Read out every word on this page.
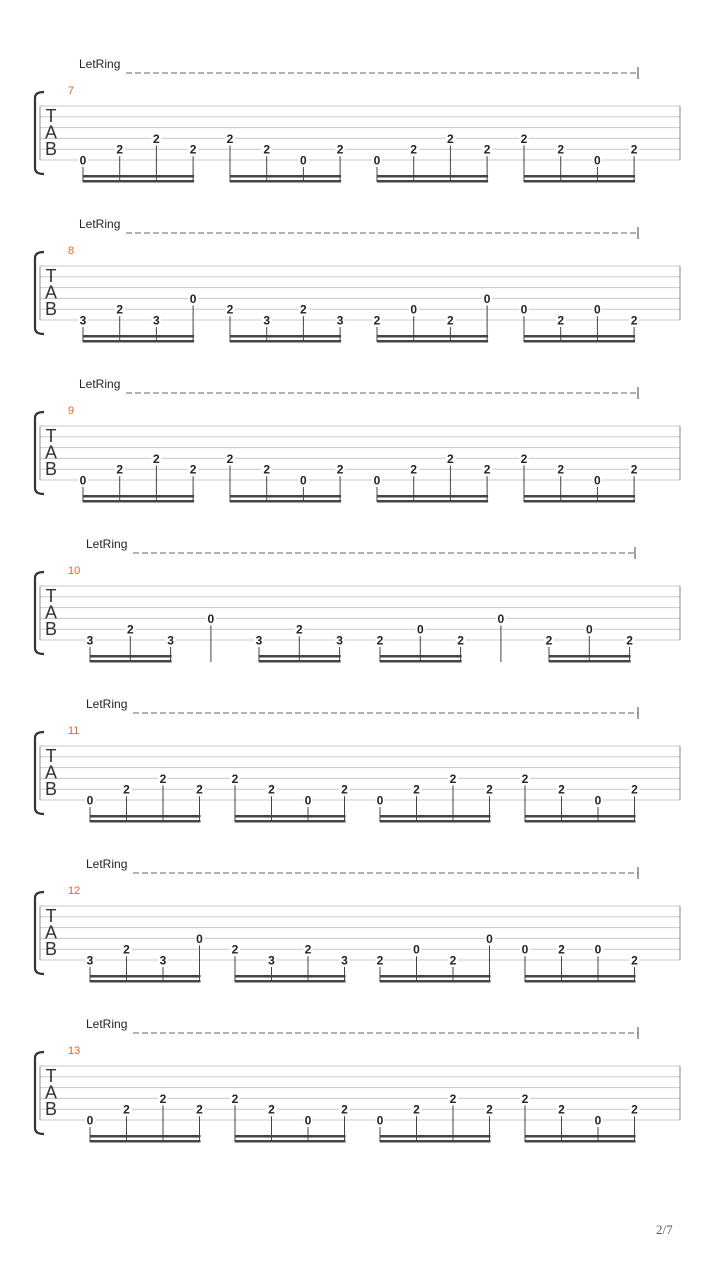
LetRing
7
T
A
B
0
2
2
2
2
2
0
2
0
2
2
2
2
2
0
2
LetRing
8
T
A
B
3
2
3
0
2
3
2
3	2
0
2
0
0
2
0
2
LetRing
9
T
A
B
0
2
2
2
2
2
0
2
0
2
2
2
2
2
0
2
LetRing
10
T
A
B
3
2
3
0
3
2
3	2
0
2
0
2
0
2
LetRing
11
T
A
B
0
2
2
2
2
2
0
2
0
2
2
2
2
2
0
2
LetRing
12
T
A
B
3
2
3
0
2
3
2
3 2
0
2
0
0 2 0
2
LetRing
13
T
A
B
0
2
2
2
2
2
0
2
0
2
2
2
2
2
0
2
2/7
